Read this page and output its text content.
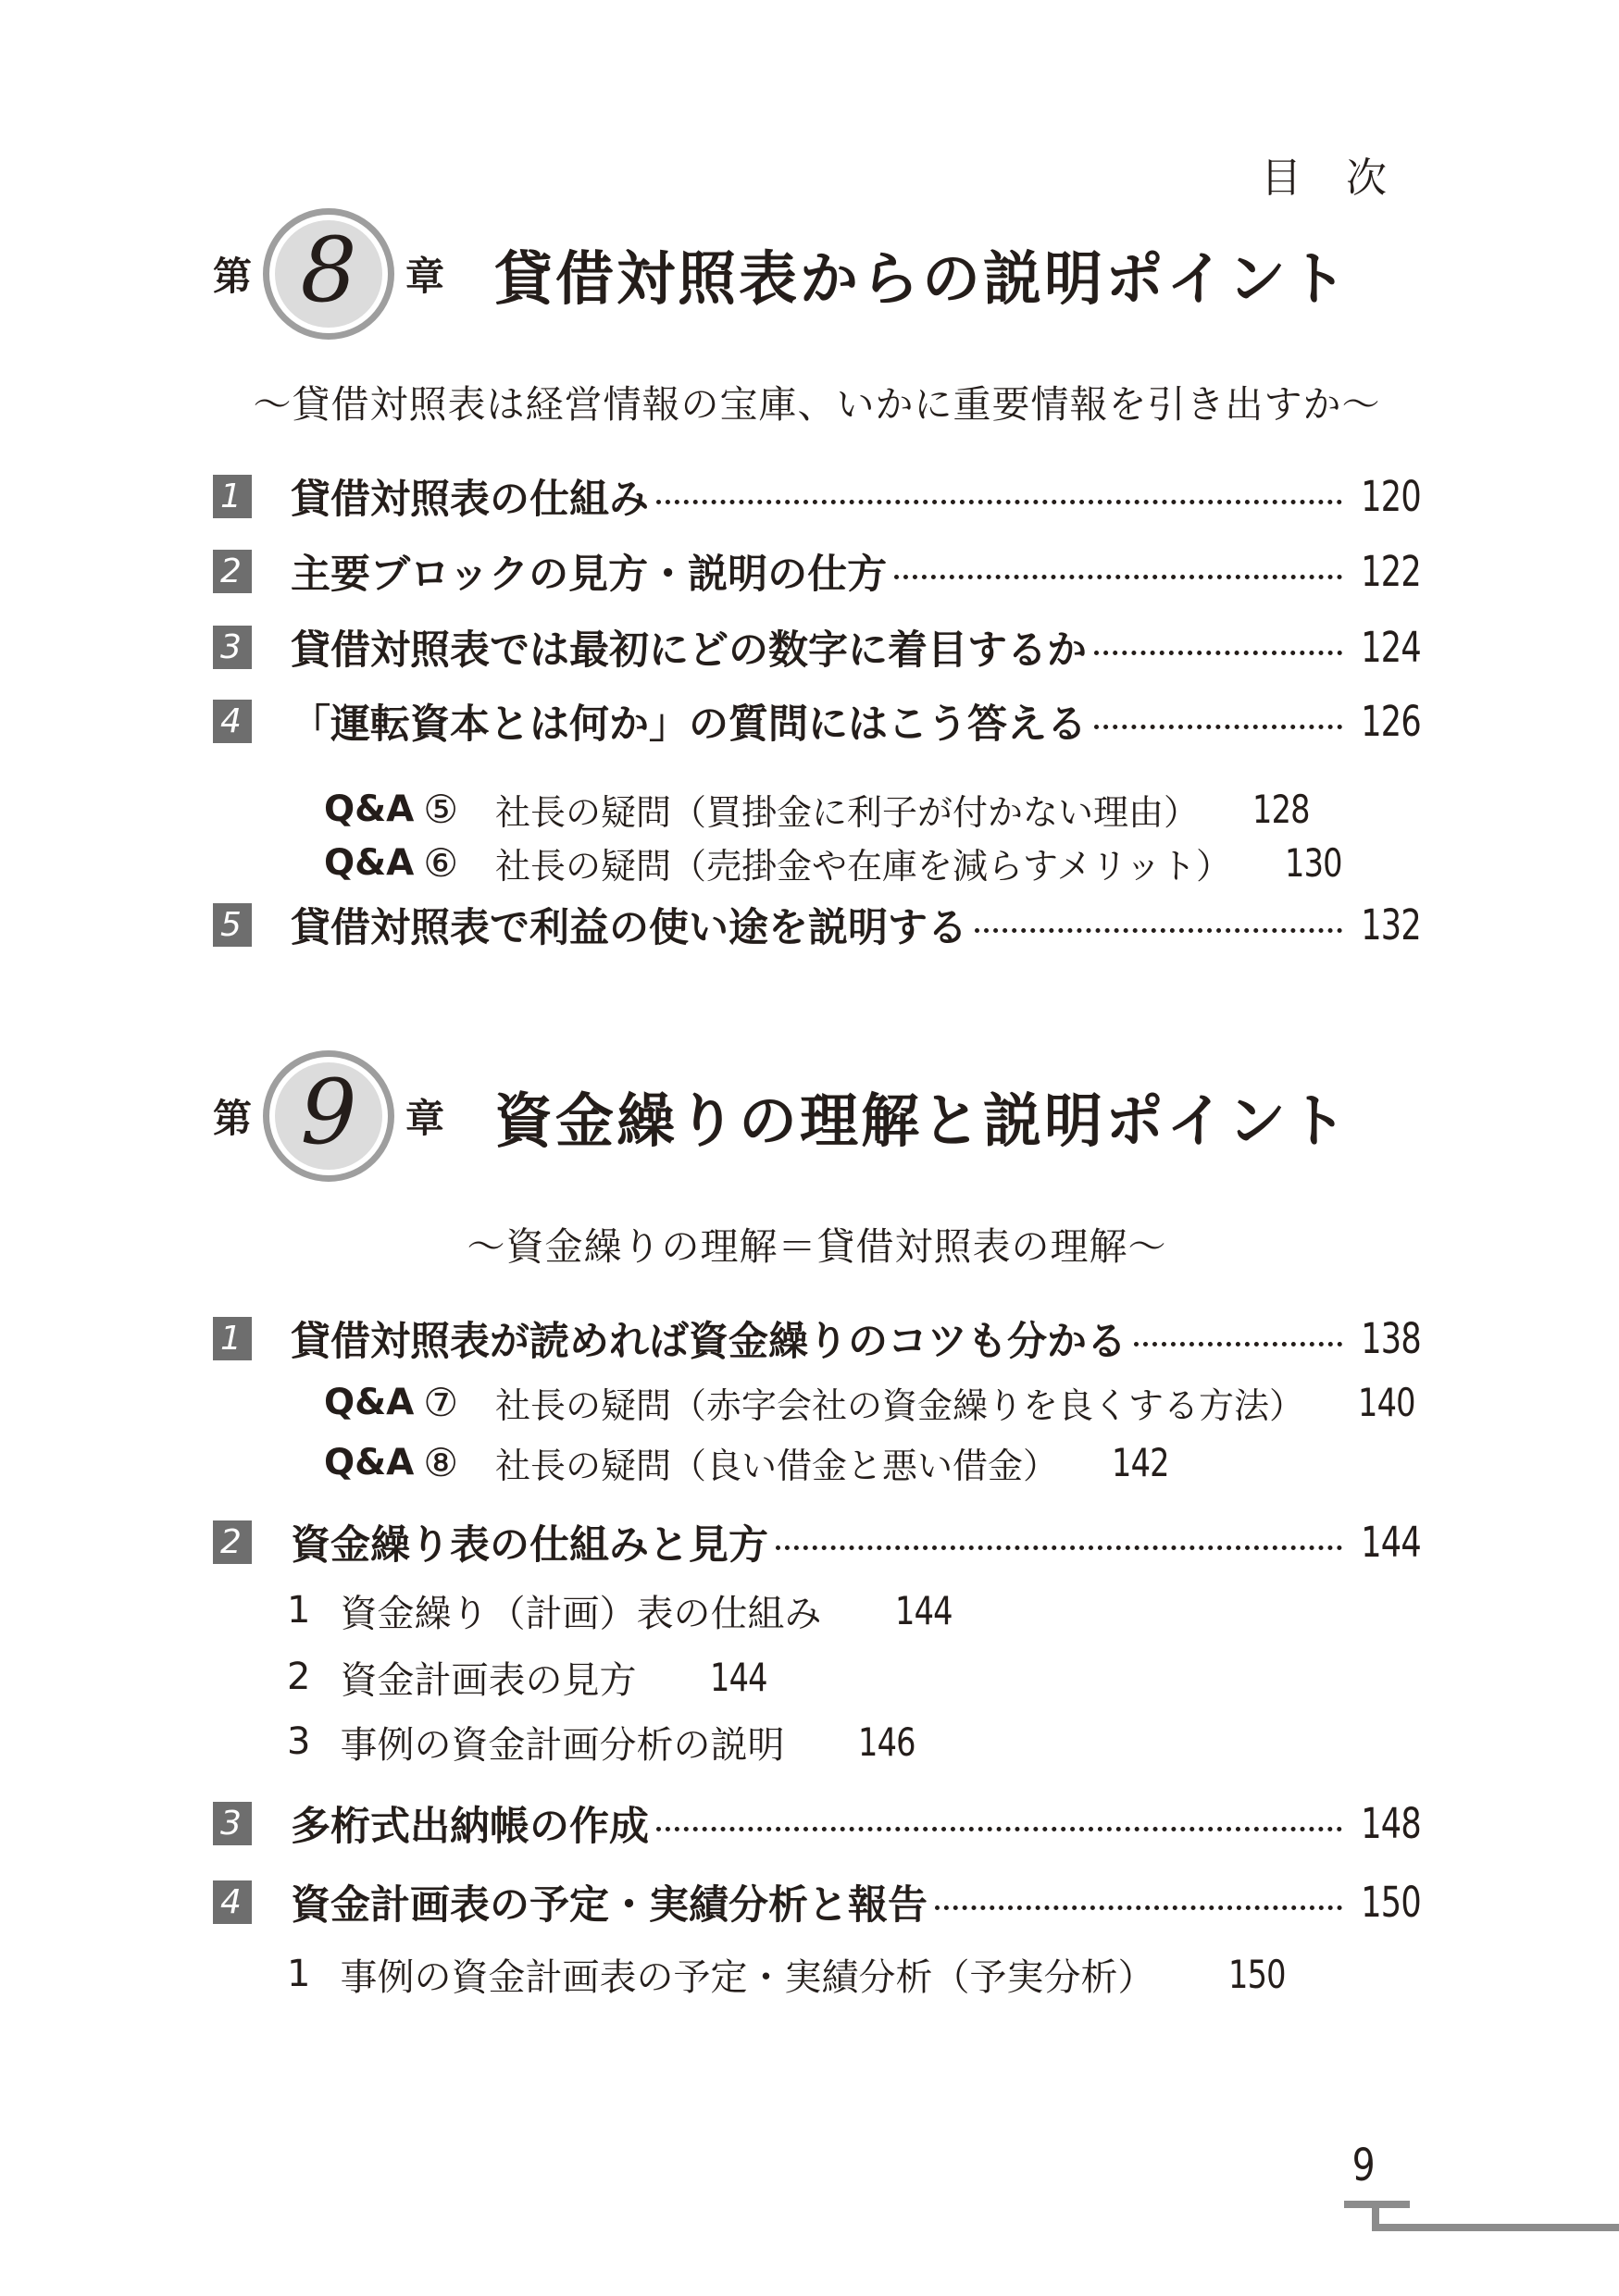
目　次
第 8 章 貸借対照表からの説明ポイント
～貸借対照表は経営情報の宝庫、いかに重要情報を引き出すか～
1 貸借対照表の仕組み	120
2 主要ブロックの見方・説明の仕方	122
3 貸借対照表では最初にどの数字に着目するか	124
4 「運転資本とは何か」の質問にはこう答える	126
Q&A ⑤ 社長の疑問（買掛金に利子が付かない理由） 128
Q&A ⑥ 社長の疑問（売掛金や在庫を減らすメリット） 130
5 貸借対照表で利益の使い途を説明する	132
第 9 章 資金繰りの理解と説明ポイント
～資金繰りの理解＝貸借対照表の理解～
1 貸借対照表が読めれば資金繰りのコツも分かる	138
Q&A ⑦ 社長の疑問（赤字会社の資金繰りを良くする方法） 140
Q&A ⑧ 社長の疑問（良い借金と悪い借金） 142
2 資金繰り表の仕組みと見方	144
1 資金繰り（計画）表の仕組み 144
2 資金計画表の見方 144
3 事例の資金計画分析の説明 146
3 多桁式出納帳の作成	148
4 資金計画表の予定・実績分析と報告	150
1 事例の資金計画表の予定・実績分析（予実分析） 150
9
